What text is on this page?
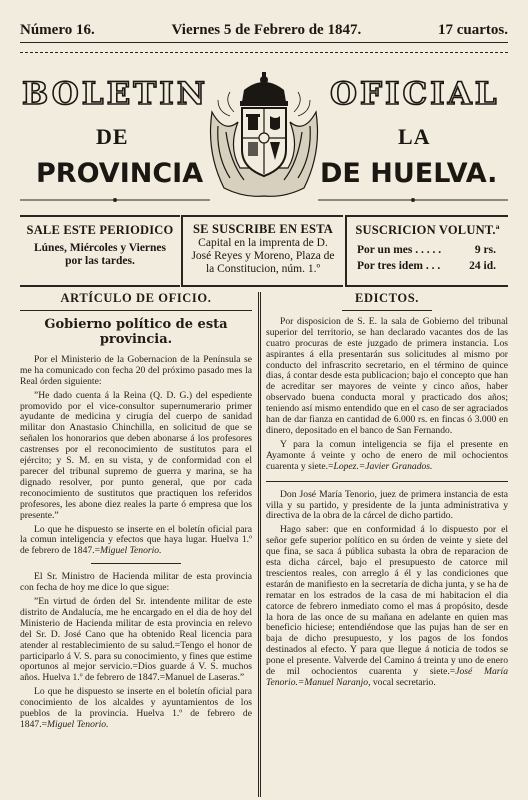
Número 16.	Viernes 5 de Febrero de 1847.	17 cuartos.
BOLETIN	OFICIAL
DE	LA
PROVINCIA	DE HUELVA.
SALE ESTE PERIODICO
Lúnes, Miércoles y Viernes por las tardes.
SE SUSCRIBE EN ESTA
Capital en la imprenta de D. José Reyes y Moreno, Plaza de la Constitucion, núm. 1.º
SUSCRICION VOLUNT.ª
Por un mes . . . . .	9 rs.
Por tres idem . . .	24 id.
ARTÍCULO DE OFICIO.
Gobierno político de esta provincia.

Por el Ministerio de la Gobernacion de la Península se me ha comunicado con fecha 20 del próximo pasado mes la Real órden siguiente:

”He dado cuenta á la Reina (Q. D. G.) del espediente promovido por el vice-consultor supernumerario primer ayudante de medicina y cirugía del cuerpo de sanidad militar don Anastasio Chinchilla, en solicitud de que se señalen los honorarios que deben abonarse á los profesores castrenses por el reconocimiento de sustitutos para el ejército; y S. M. en su vista, y de conformidad con el parecer del tribunal supremo de guerra y marina, se ha dignado resolver, por punto general, que por cada reconocimiento de sustitutos que practiquen los referidos profesores, les abone diez reales la parte ó empresa que los presente.”

Lo que he dispuesto se inserte en el boletín oficial para la comun inteligencia y efectos que haya lugar. Huelva 1.º de febrero de 1847.=Miguel Tenorio.

El Sr. Ministro de Hacienda militar de esta provincia con fecha de hoy me dice lo que sigue:

”En virtud de órden del Sr. intendente militar de este distrito de Andalucía, me he encargado en el dia de hoy del Ministerio de Hacienda militar de esta provincia en relevo del Sr. D. José Cano que ha obtenido Real licencia para atender al restablecimiento de su salud.=Tengo el honor de participarlo á V. S. para su conocimiento, y fines que estime oportunos al mejor servicio.=Dios guarde á V. S. muchos años. Huelva 1.º de febrero de 1847.=Manuel de Laseras.”

Lo que he dispuesto se inserte en el boletín oficial para conocimiento de los alcaldes y ayuntamientos de los pueblos de la provincia. Huelva 1.º de febrero de 1847.=Miguel Tenorio.

EDICTOS.

Por disposicion de S. E. la sala de Gobierno del tribunal superior del territorio, se han declarado vacantes dos de las cuatro procuras de este juzgado de primera instancia. Los aspirantes á ella presentarán sus solicitudes al mismo por conducto del infrascrito secretario, en el término de quince dias, á contar desde esta publicacion; bajo el concepto que han de acreditar ser mayores de veinte y cinco años, haber observado buena conducta moral y practicado dos años; teniendo así mismo entendido que en el caso de ser agraciados han de dar fianza en cantidad de 6.000 rs. en fincas ó 3.000 en dinero, depositado en el banco de San Fernando.

Y para la comun inteligencia se fija el presente en Ayamonte á veinte y ocho de enero de mil ochocientos cuarenta y siete.=Lopez.=Javier Granados.

Don José María Tenorio, juez de primera instancia de esta villa y su partido, y presidente de la junta administrativa y directiva de la obra de la cárcel de dicho partido.

Hago saber: que en conformidad á lo dispuesto por el señor gefe superior político en su órden de veinte y siete del que fina, se saca á pública subasta la obra de reparacion de esta dicha cárcel, bajo el presupuesto de catorce mil trescientos reales, con arreglo á él y las condiciones que estarán de manifiesto en la secretaría de dicha junta, y se ha de rematar en los estrados de la casa de mi habitacion el dia catorce de febrero inmediato como el mas á propósito, desde la hora de las once de su mañana en adelante en quien mas beneficio hiciese; entendiéndose que las pujas han de ser en baja de dicho presupuesto, y los pagos de los fondos destinados al efecto. Y para que llegue á noticia de todos se pone el presente. Valverde del Camino á treinta y uno de enero de mil ochocientos cuarenta y siete.=José María Tenorio.=Manuel Naranjo, vocal secretario.
